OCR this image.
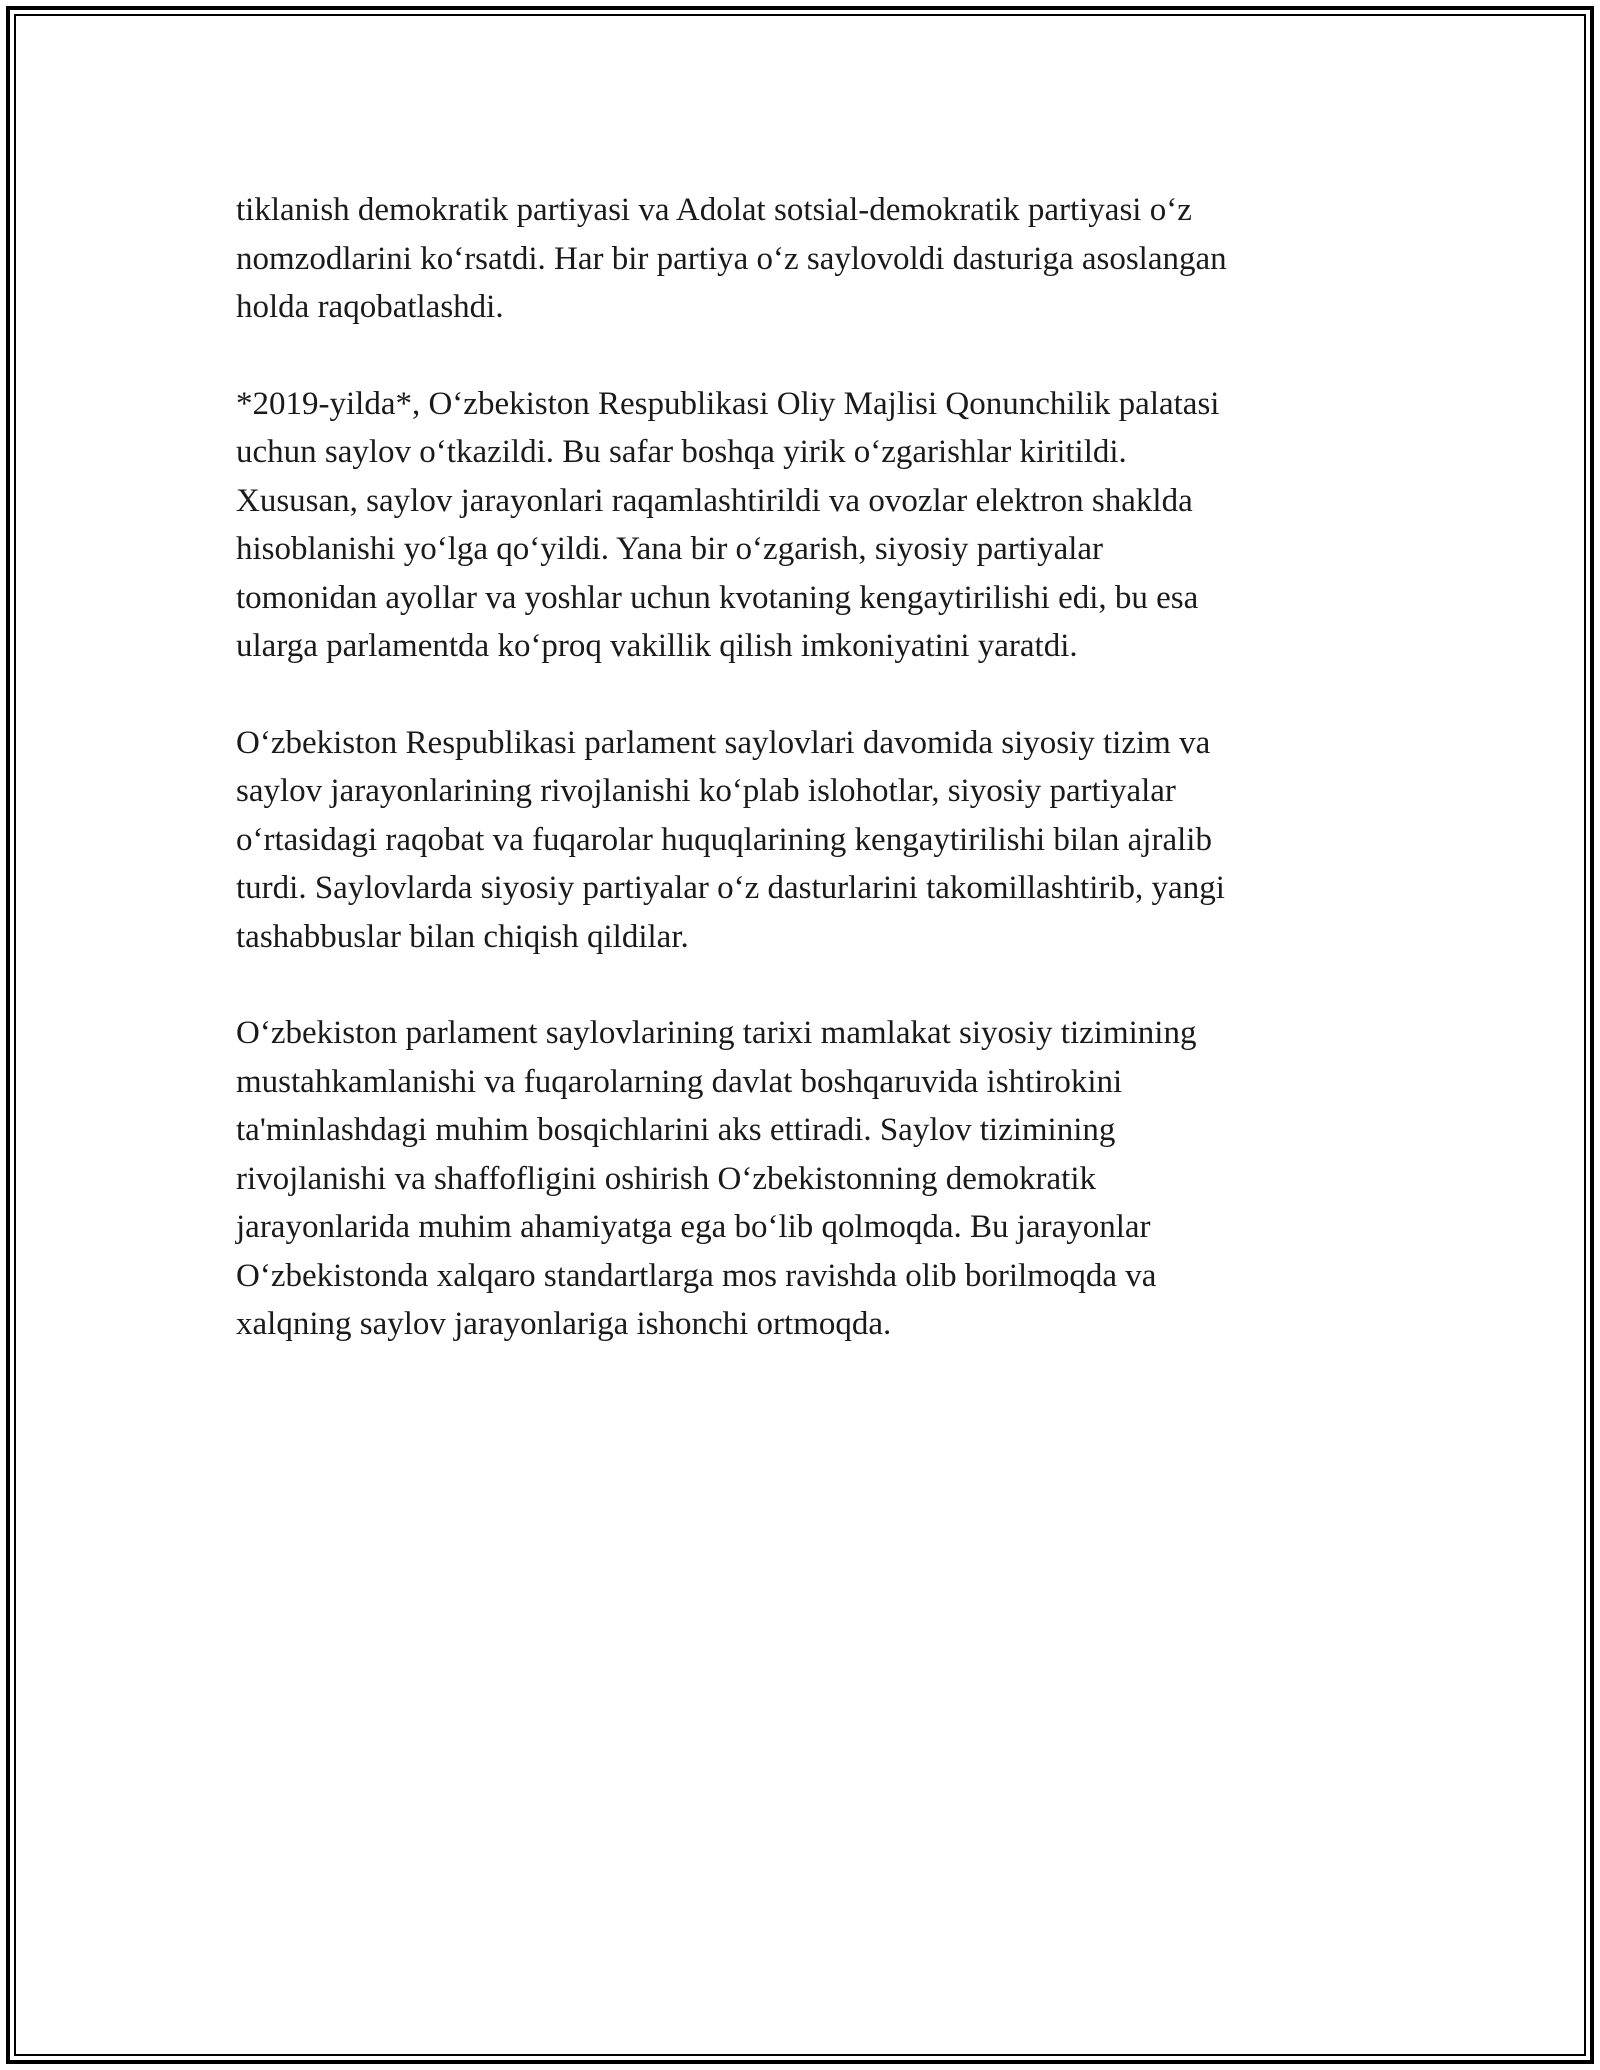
tiklanish demokratik partiyasi va Adolat sotsial-demokratik partiyasi oʻz
nomzodlarini koʻrsatdi. Har bir partiya oʻz saylovoldi dasturiga asoslangan
holda raqobatlashdi.

*2019-yilda*, Oʻzbekiston Respublikasi Oliy Majlisi Qonunchilik palatasi
uchun saylov oʻtkazildi. Bu safar boshqa yirik oʻzgarishlar kiritildi.
Xususan, saylov jarayonlari raqamlashtirildi va ovozlar elektron shaklda
hisoblanishi yoʻlga qoʻyildi. Yana bir oʻzgarish, siyosiy partiyalar
tomonidan ayollar va yoshlar uchun kvotaning kengaytirilishi edi, bu esa
ularga parlamentda koʻproq vakillik qilish imkoniyatini yaratdi.

Oʻzbekiston Respublikasi parlament saylovlari davomida siyosiy tizim va
saylov jarayonlarining rivojlanishi koʻplab islohotlar, siyosiy partiyalar
oʻrtasidagi raqobat va fuqarolar huquqlarining kengaytirilishi bilan ajralib
turdi. Saylovlarda siyosiy partiyalar oʻz dasturlarini takomillashtirib, yangi
tashabbuslar bilan chiqish qildilar.

Oʻzbekiston parlament saylovlarining tarixi mamlakat siyosiy tizimining
mustahkamlanishi va fuqarolarning davlat boshqaruvida ishtirokini
ta'minlashdagi muhim bosqichlarini aks ettiradi. Saylov tizimining
rivojlanishi va shaffofligini oshirish Oʻzbekistonning demokratik
jarayonlarida muhim ahamiyatga ega boʻlib qolmoqda. Bu jarayonlar
Oʻzbekistonda xalqaro standartlarga mos ravishda olib borilmoqda va
xalqning saylov jarayonlariga ishonchi ortmoqda.
